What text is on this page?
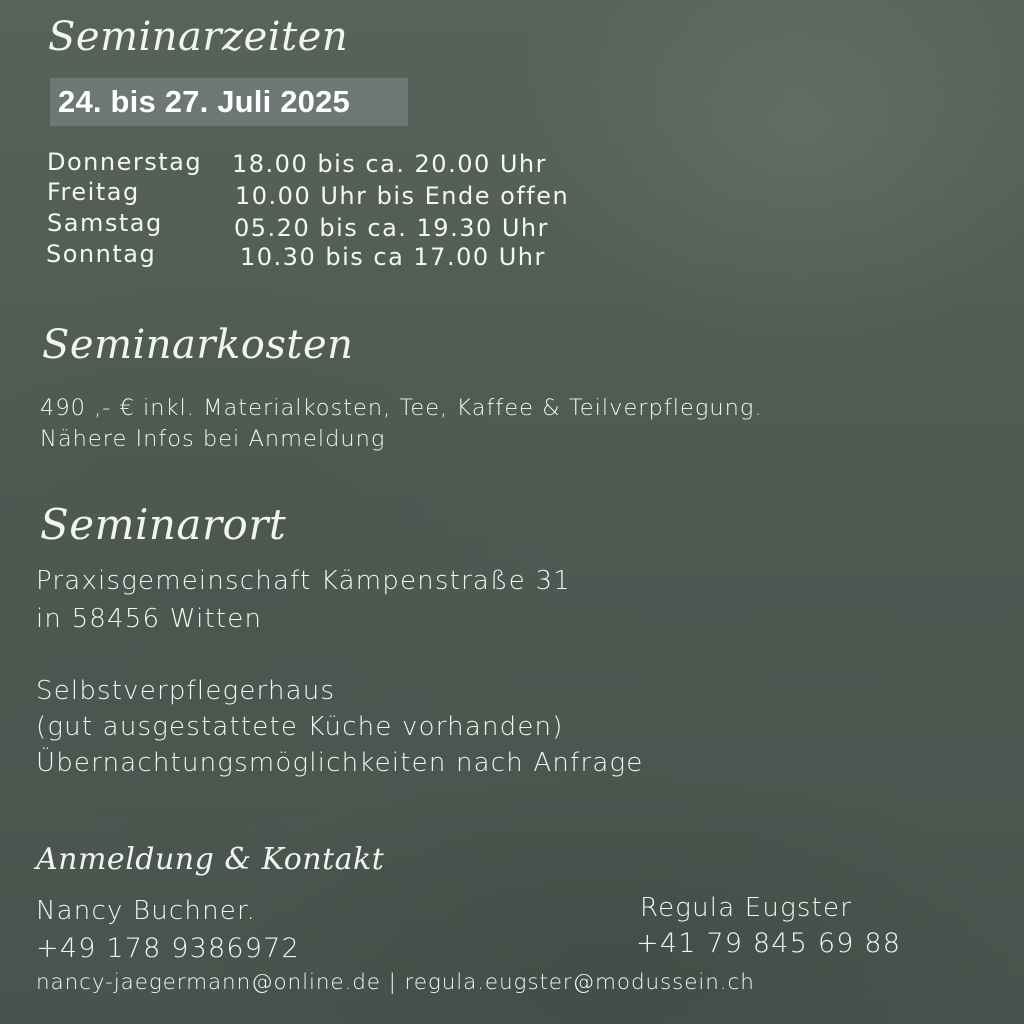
Seminarzeiten
24. bis 27. Juli 2025
Donnerstag 18.00 bis ca. 20.00 Uhr
Freitag	10.00 Uhr bis Ende offen
Samstag	05.20 bis ca. 19.30 Uhr
Sonntag	10.30 bis ca 17.00 Uhr
Seminarkosten
490 ,- € inkl. Materialkosten, Tee, Kaffee & Teilverpflegung.
Nähere Infos bei Anmeldung
Seminarort
Praxisgemeinschaft Kämpenstraße 31
in 58456 Witten
Selbstverpflegerhaus
(gut ausgestattete Küche vorhanden)
Übernachtungsmöglichkeiten nach Anfrage
Anmeldung & Kontakt
Nancy Buchner.
+49 178 9386972
Regula Eugster
+41 79 845 69 88
nancy-jaegermann@online.de | regula.eugster@modussein.ch
